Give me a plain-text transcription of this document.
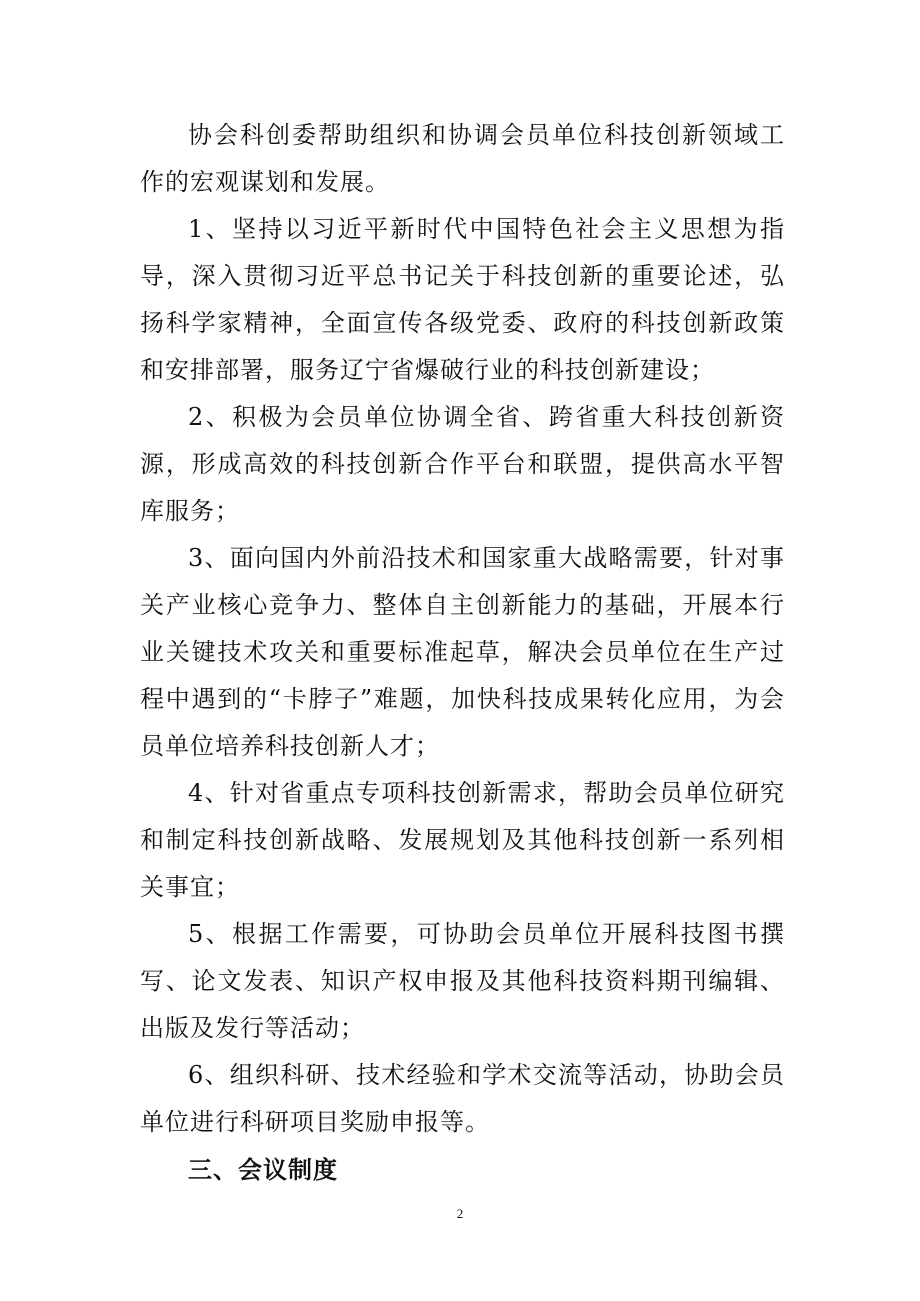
协会科创委帮助组织和协调会员单位科技创新领域工作的宏观谋划和发展。

1、坚持以习近平新时代中国特色社会主义思想为指导，深入贯彻习近平总书记关于科技创新的重要论述，弘扬科学家精神，全面宣传各级党委、政府的科技创新政策和安排部署，服务辽宁省爆破行业的科技创新建设；

2、积极为会员单位协调全省、跨省重大科技创新资源，形成高效的科技创新合作平台和联盟，提供高水平智库服务；

3、面向国内外前沿技术和国家重大战略需要，针对事关产业核心竞争力、整体自主创新能力的基础，开展本行业关键技术攻关和重要标准起草，解决会员单位在生产过程中遇到的“卡脖子”难题，加快科技成果转化应用，为会员单位培养科技创新人才；

4、针对省重点专项科技创新需求，帮助会员单位研究和制定科技创新战略、发展规划及其他科技创新一系列相关事宜；

5、根据工作需要，可协助会员单位开展科技图书撰写、论文发表、知识产权申报及其他科技资料期刊编辑、出版及发行等活动；

6、组织科研、技术经验和学术交流等活动，协助会员单位进行科研项目奖励申报等。

三、会议制度

2
